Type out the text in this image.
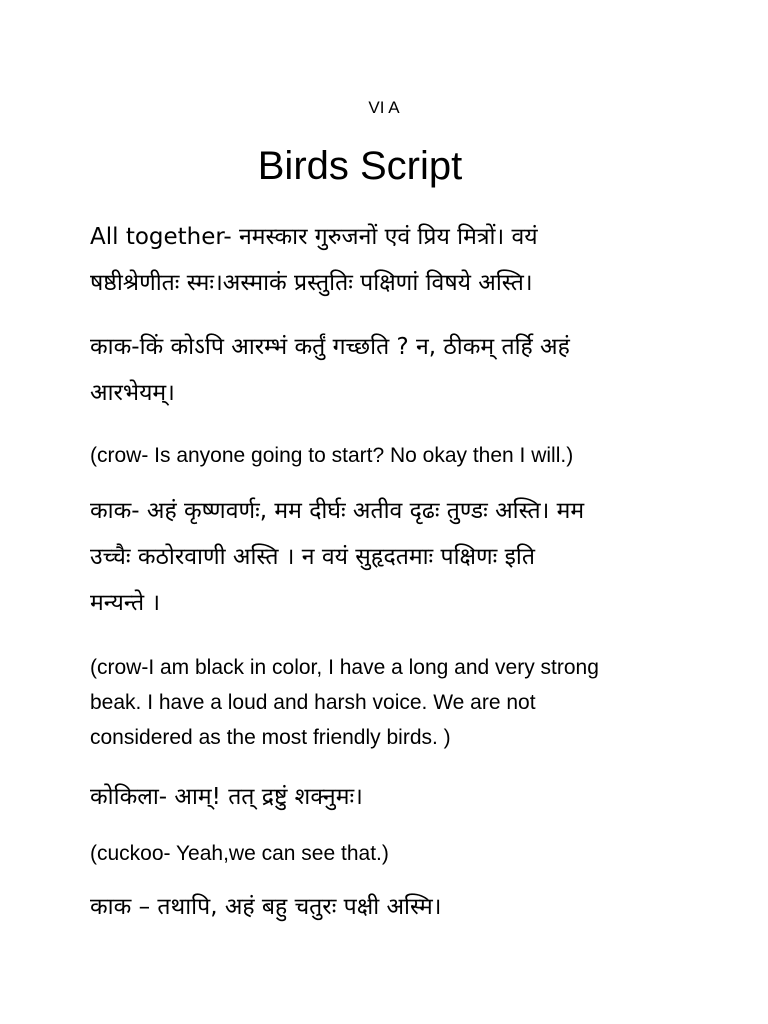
VI A
Birds Script
All together- नमस्कार गुरुजनों एवं प्रिय मित्रों। वयं
षष्ठीश्रेणीतः स्मः।अस्माकं प्रस्तुतिः पक्षिणां विषये अस्ति।
काक-किं कोऽपि आरम्भं कर्तुं गच्छति ? न, ठीकम् तर्हि अहं
आरभेयम्।
(crow- Is anyone going to start? No okay then I will.)
काक- अहं कृष्णवर्णः, मम दीर्घः अतीव दृढः तुण्डः अस्ति। मम
उच्चैः कठोरवाणी अस्ति । न वयं सुहृदतमाः पक्षिणः इति
मन्यन्ते ।
(crow-I am black in color, I have a long and very strong
beak. I have a loud and harsh voice. We are not
considered as the most friendly birds. )
कोकिला- आम्! तत् द्रष्टुं शक्नुमः।
(cuckoo- Yeah,we can see that.)
काक – तथापि, अहं बहु चतुरः पक्षी अस्मि।
